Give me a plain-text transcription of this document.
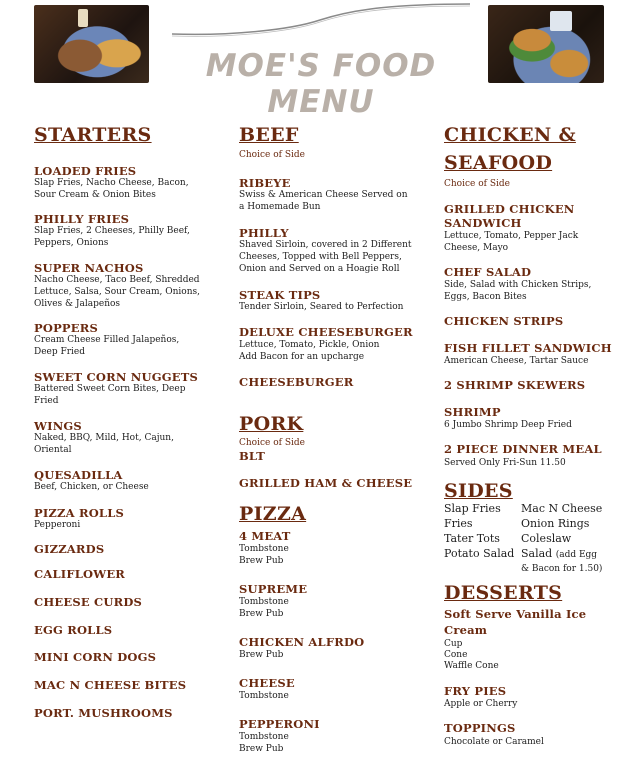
MOE'S FOOD MENU
STARTERS
LOADED FRIES
Slap Fries, Nacho Cheese, Bacon, Sour Cream & Onion Bites
PHILLY FRIES
Slap Fries, 2 Cheeses, Philly Beef, Peppers, Onions
SUPER NACHOS
Nacho Cheese, Taco Beef, Shredded Lettuce, Salsa, Sour Cream, Onions, Olives & Jalapeños
POPPERS
Cream Cheese Filled Jalapeños, Deep Fried
SWEET CORN NUGGETS
Battered Sweet Corn Bites, Deep Fried
WINGS
Naked, BBQ, Mild, Hot, Cajun, Oriental
QUESADILLA
Beef, Chicken, or Cheese
PIZZA ROLLS
Pepperoni
GIZZARDS
CALIFLOWER
CHEESE CURDS
EGG ROLLS
MINI CORN DOGS
MAC N CHEESE BITES
PORT. MUSHROOMS
BEEF
Choice of Side
RIBEYE
Swiss & American Cheese Served on a Homemade Bun
PHILLY
Shaved Sirloin, covered in 2 Different Cheeses, Topped with Bell Peppers, Onion and Served on a Hoagie Roll
STEAK TIPS
Tender Sirloin, Seared to Perfection
DELUXE CHEESEBURGER
Lettuce, Tomato, Pickle, Onion Add Bacon for an upcharge
CHEESEBURGER
PORK
Choice of Side
BLT
GRILLED HAM & CHEESE
PIZZA
4 MEAT
Tombstone
Brew Pub
SUPREME
Tombstone
Brew Pub
CHICKEN ALFRDO
Brew Pub
CHEESE
Tombstone
PEPPERONI
Tombstone
Brew Pub
CHICKEN &
SEAFOOD
Choice of Side
GRILLED CHICKEN
SANDWICH
Lettuce, Tomato, Pepper Jack Cheese, Mayo
CHEF SALAD
Side, Salad with Chicken Strips, Eggs, Bacon Bites
CHICKEN STRIPS
FISH FILLET SANDWICH
American Cheese, Tartar Sauce
2 SHRIMP SKEWERS
SHRIMP
6 Jumbo Shrimp Deep Fried
2 PIECE DINNER MEAL
Served Only Fri-Sun 11.50
SIDES
Slap Fries
Fries
Tater Tots
Potato Salad
Mac N Cheese
Onion Rings
Coleslaw
Salad (add Egg
& Bacon for 1.50)
DESSERTS
Soft Serve Vanilla Ice
Cream
Cup
Cone
Waffle Cone
FRY PIES
Apple or Cherry
TOPPINGS
Chocolate or Caramel
